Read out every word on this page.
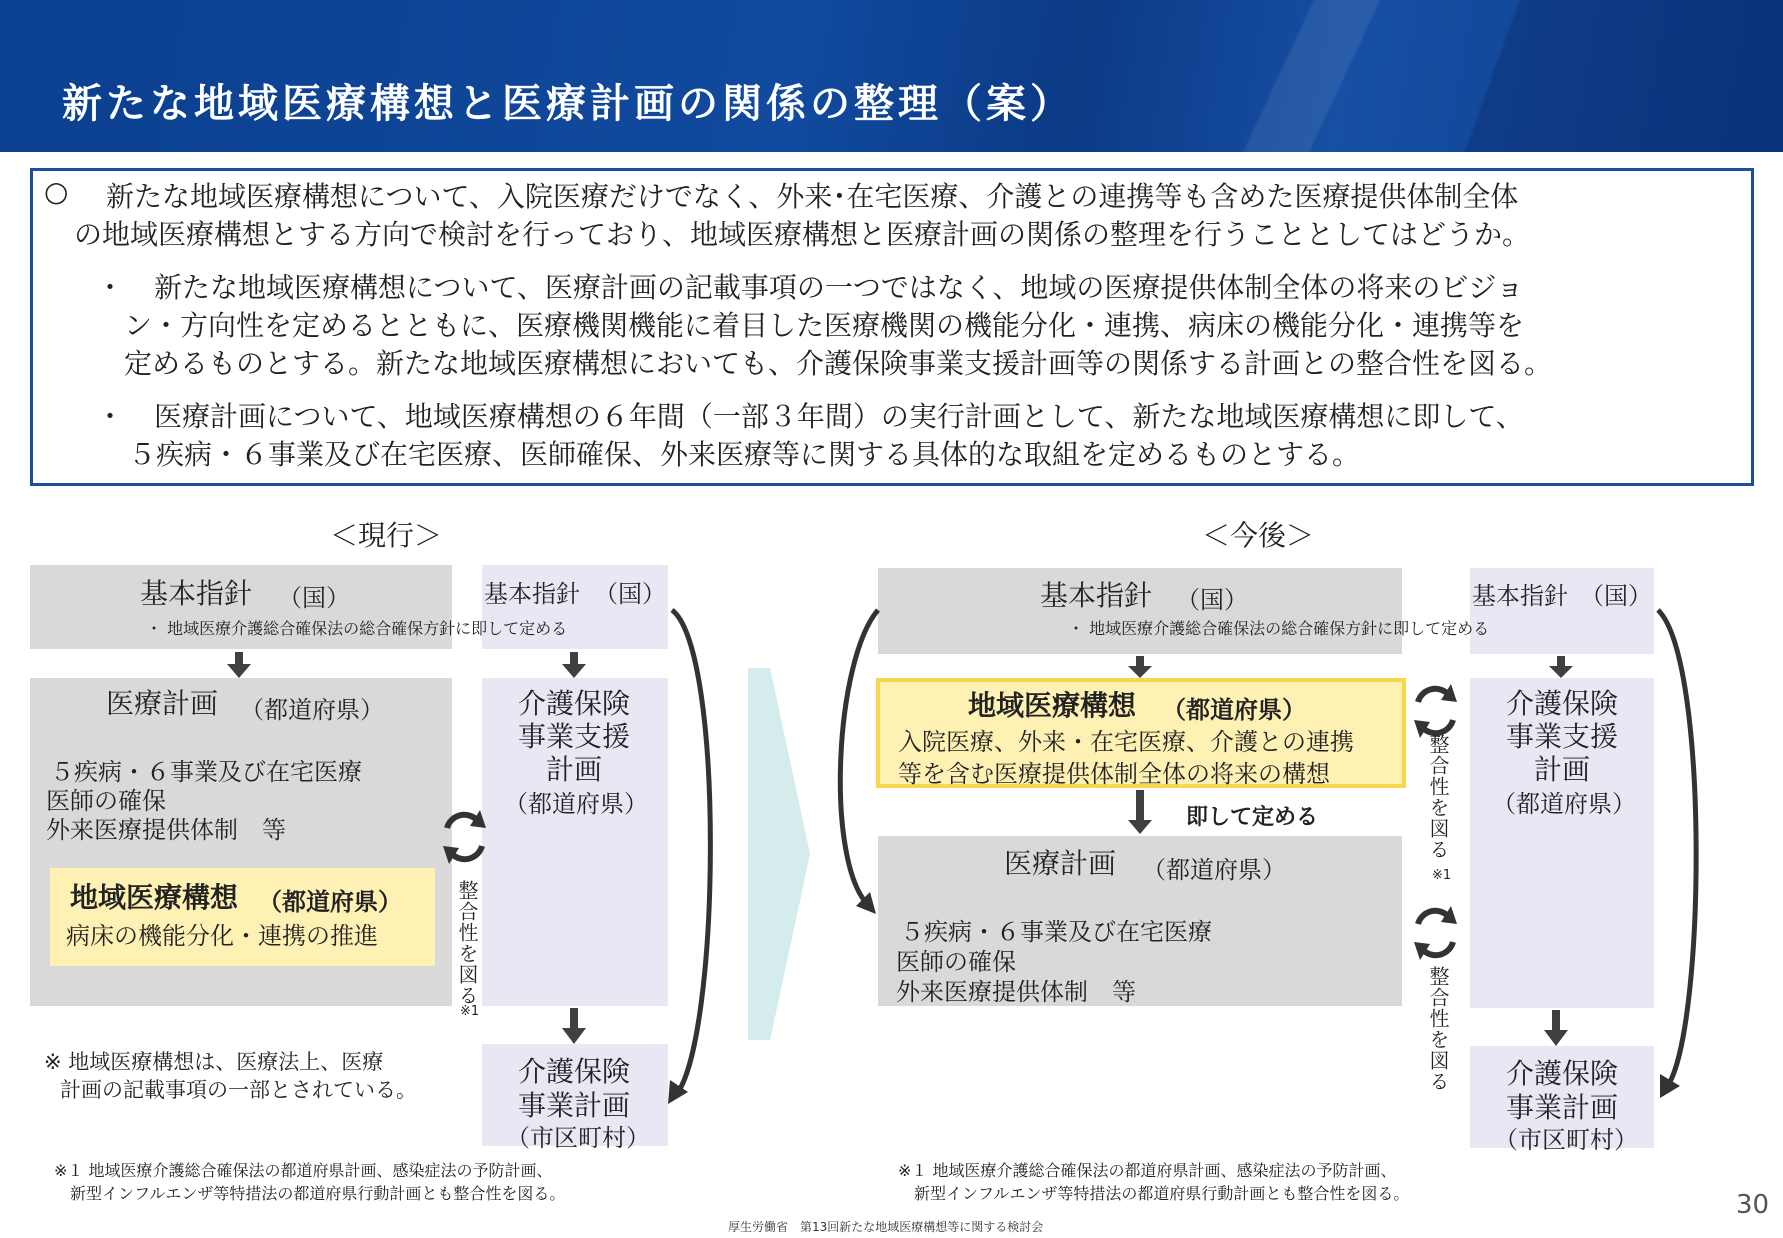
新たな地域医療構想と医療計画の関係の整理（案）
○ 新たな地域医療構想について、入院医療だけでなく、外来･在宅医療、介護との連携等も含めた医療提供体制全体
の地域医療構想とする方向で検討を行っており、地域医療構想と医療計画の関係の整理を行うこととしてはどうか。
・ 新たな地域医療構想について、医療計画の記載事項の一つではなく、地域の医療提供体制全体の将来のビジョ
ン・方向性を定めるとともに、医療機関機能に着目した医療機関の機能分化・連携、病床の機能分化・連携等を
定めるものとする。新たな地域医療構想においても、介護保険事業支援計画等の関係する計画との整合性を図る。
・ 医療計画について、地域医療構想の６年間（一部３年間）の実行計画として、新たな地域医療構想に即して、
５疾病・６事業及び在宅医療、医師確保、外来医療等に関する具体的な取組を定めるものとする。
＜現行＞
基本指針 （国）	基本指針 （国）
・ 地域医療介護総合確保法の総合確保方針に即して定める
医療計画 （都道府県）
５疾病・６事業及び在宅医療
医師の確保
外来医療提供体制　等
地域医療構想 （都道府県）
病床の機能分化・連携の推進
介護保険
事業支援
計画
（都道府県）
介護保険
事業計画
（市区町村）
整合性を図る
※1
※ 地域医療構想は、医療法上、医療
計画の記載事項の一部とされている。
※１ 地域医療介護総合確保法の都道府県計画、感染症法の予防計画、
新型インフルエンザ等特措法の都道府県行動計画とも整合性を図る。
＜今後＞
基本指針 （国）	基本指針 （国）
・ 地域医療介護総合確保法の総合確保方針に即して定める
地域医療構想 （都道府県）
入院医療、外来・在宅医療、介護との連携
等を含む医療提供体制全体の将来の構想
即して定める
医療計画 （都道府県）
５疾病・６事業及び在宅医療
医師の確保
外来医療提供体制　等
介護保険
事業支援
計画
（都道府県）
介護保険
事業計画
（市区町村）
整合性を図る
※1
整合性を図る
※１ 地域医療介護総合確保法の都道府県計画、感染症法の予防計画、
新型インフルエンザ等特措法の都道府県行動計画とも整合性を図る。
厚生労働省　第13回新たな地域医療構想等に関する検討会
30
